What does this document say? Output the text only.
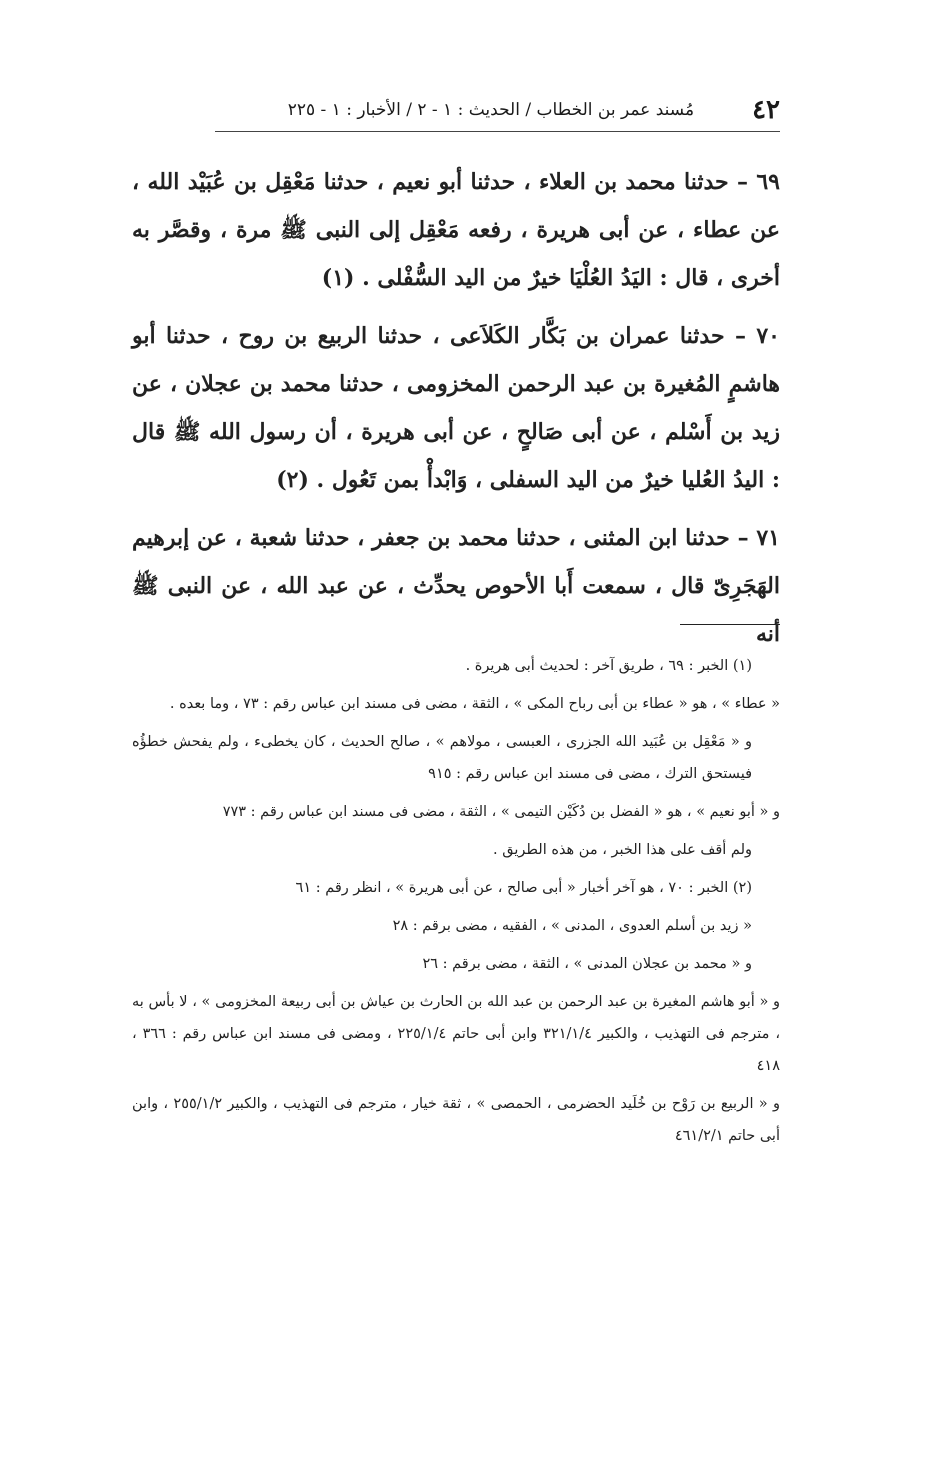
٤٢
مُسند عمر بن الخطاب / الحديث : ١ - ٢ / الأخبار : ١ - ٢٢٥

٦٩ – حدثنا محمد بن العلاء ، حدثنا أبو نعيم ، حدثنا مَعْقِل بن عُبَيْد الله ، عن عطاء ، عن أبى هريرة ، رفعه مَعْقِل إلى النبى ﷺ مرة ، وقصَّر به أخرى ، قال : اليَدُ العُلْيَا خيرٌ من اليد السُّفْلى . (١)

٧٠ – حدثنا عمران بن بَكَّار الكَلاَعى ، حدثنا الربيع بن روح ، حدثنا أبو هاشمٍ المُغيرة بن عبد الرحمن المخزومى ، حدثنا محمد بن عجلان ، عن زيد بن أَسْلم ، عن أبى صَالحٍ ، عن أبى هريرة ، أن رسول الله ﷺ قال : اليدُ العُليا خيرٌ من اليد السفلى ، وَابْدأْ بمن تَعُول . (٢)

٧١ – حدثنا ابن المثنى ، حدثنا محمد بن جعفر ، حدثنا شعبة ، عن إبرهيم الهَجَرِىّ قال ، سمعت أَبا الأحوص يحدِّث ، عن عبد الله ، عن النبى ﷺ أنه

(١) الخبر : ٦٩ ، طريق آخر : لحديث أبى هريرة .

« عطاء » ، هو « عطاء بن أبى رباح المكى » ، الثقة ، مضى فى مسند ابن عباس رقم : ٧٣ ، وما بعده .

و « مَعْقِل بن عُبَيد الله الجزرى ، العبسى ، مولاهم » ، صالح الحديث ، كان يخطىء ، ولم يفحش خطؤُه فيستحق الترك ، مضى فى مسند ابن عباس رقم : ٩١٥

و « أبو نعيم » ، هو « الفضل بن دُكَيْن التيمى » ، الثقة ، مضى فى مسند ابن عباس رقم : ٧٧٣

ولم أقف على هذا الخبر ، من هذه الطريق .

(٢) الخبر : ٧٠ ، هو آخر أخبار « أبى صالح ، عن أبى هريرة » ، انظر رقم : ٦١

« زيد بن أسلم العدوى ، المدنى » ، الفقيه ، مضى برقم : ٢٨

و « محمد بن عجلان المدنى » ، الثقة ، مضى برقم : ٢٦

و « أبو هاشم المغيرة بن عبد الرحمن بن عبد الله بن الحارث بن عياش بن أبى ربيعة المخزومى » ، لا بأس به ، مترجم فى التهذيب ، والكبير ٣٢١/١/٤ وابن أبى حاتم ٢٢٥/١/٤ ، ومضى فى مسند ابن عباس رقم : ٣٦٦ ، ٤١٨

و « الربيع بن رَوْح بن خُلَيد الحضرمى ، الحمصى » ، ثقة خيار ، مترجم فى التهذيب ، والكبير ٢٥٥/١/٢ ، وابن أبى حاتم ٤٦١/٢/١
